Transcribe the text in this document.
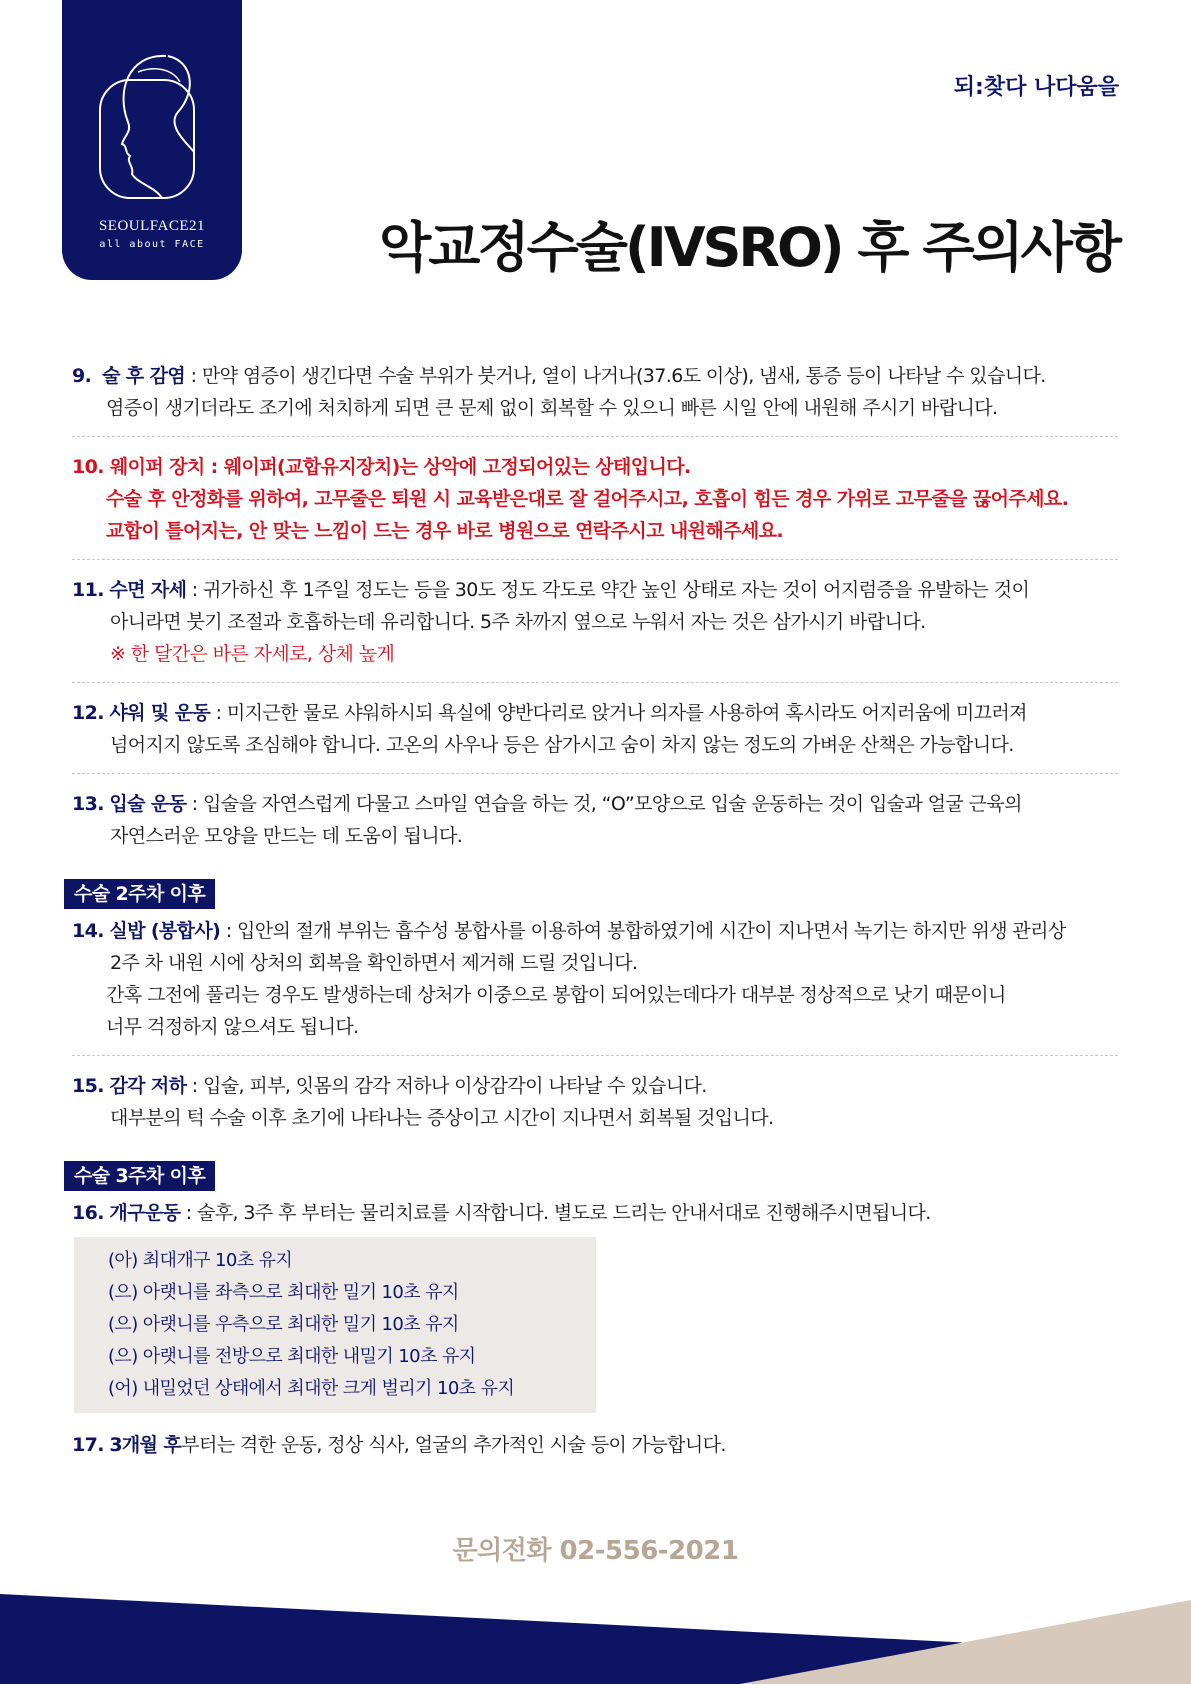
SEOULFACE21
all about FACE
되:찾다 나다움을
악교정수술(IVSRO) 후 주의사항

9. 술 후 감염 : 만약 염증이 생긴다면 수술 부위가 붓거나, 열이 나거나(37.6도 이상), 냄새, 통증 등이 나타날 수 있습니다.

염증이 생기더라도 조기에 처치하게 되면 큰 문제 없이 회복할 수 있으니 빠른 시일 안에 내원해 주시기 바랍니다.

10. 웨이퍼 장치 : 웨이퍼(교합유지장치)는 상악에 고정되어있는 상태입니다.

수술 후 안정화를 위하여, 고무줄은 퇴원 시 교육받은대로 잘 걸어주시고, 호흡이 힘든 경우 가위로 고무줄을 끊어주세요.

교합이 틀어지는, 안 맞는 느낌이 드는 경우 바로 병원으로 연락주시고 내원해주세요.

11. 수면 자세 : 귀가하신 후 1주일 정도는 등을 30도 정도 각도로 약간 높인 상태로 자는 것이 어지럼증을 유발하는 것이

아니라면 붓기 조절과 호흡하는데 유리합니다. 5주 차까지 옆으로 누워서 자는 것은 삼가시기 바랍니다.

※ 한 달간은 바른 자세로, 상체 높게

12. 샤워 및 운동 : 미지근한 물로 샤워하시되 욕실에 양반다리로 앉거나 의자를 사용하여 혹시라도 어지러움에 미끄러져

넘어지지 않도록 조심해야 합니다. 고온의 사우나 등은 삼가시고 숨이 차지 않는 정도의 가벼운 산책은 가능합니다.

13. 입술 운동 : 입술을 자연스럽게 다물고 스마일 연습을 하는 것, “O”모양으로 입술 운동하는 것이 입술과 얼굴 근육의

자연스러운 모양을 만드는 데 도움이 됩니다.

수술 2주차 이후

14. 실밥 (봉합사) : 입안의 절개 부위는 흡수성 봉합사를 이용하여 봉합하였기에 시간이 지나면서 녹기는 하지만 위생 관리상

2주 차 내원 시에 상처의 회복을 확인하면서 제거해 드릴 것입니다.

간혹 그전에 풀리는 경우도 발생하는데 상처가 이중으로 봉합이 되어있는데다가 대부분 정상적으로 낫기 때문이니

너무 걱정하지 않으셔도 됩니다.

15. 감각 저하 : 입술, 피부, 잇몸의 감각 저하나 이상감각이 나타날 수 있습니다.

대부분의 턱 수술 이후 초기에 나타나는 증상이고 시간이 지나면서 회복될 것입니다.

수술 3주차 이후

16. 개구운동 : 술후, 3주 후 부터는 물리치료를 시작합니다. 별도로 드리는 안내서대로 진행해주시면됩니다.

(아) 최대개구 10초 유지
(으) 아랫니를 좌측으로 최대한 밀기 10초 유지
(으) 아랫니를 우측으로 최대한 밀기 10초 유지
(으) 아랫니를 전방으로 최대한 내밀기 10초 유지
(어) 내밀었던 상태에서 최대한 크게 벌리기 10초 유지

17. 3개월 후부터는 격한 운동, 정상 식사, 얼굴의 추가적인 시술 등이 가능합니다.

문의전화 02-556-2021
